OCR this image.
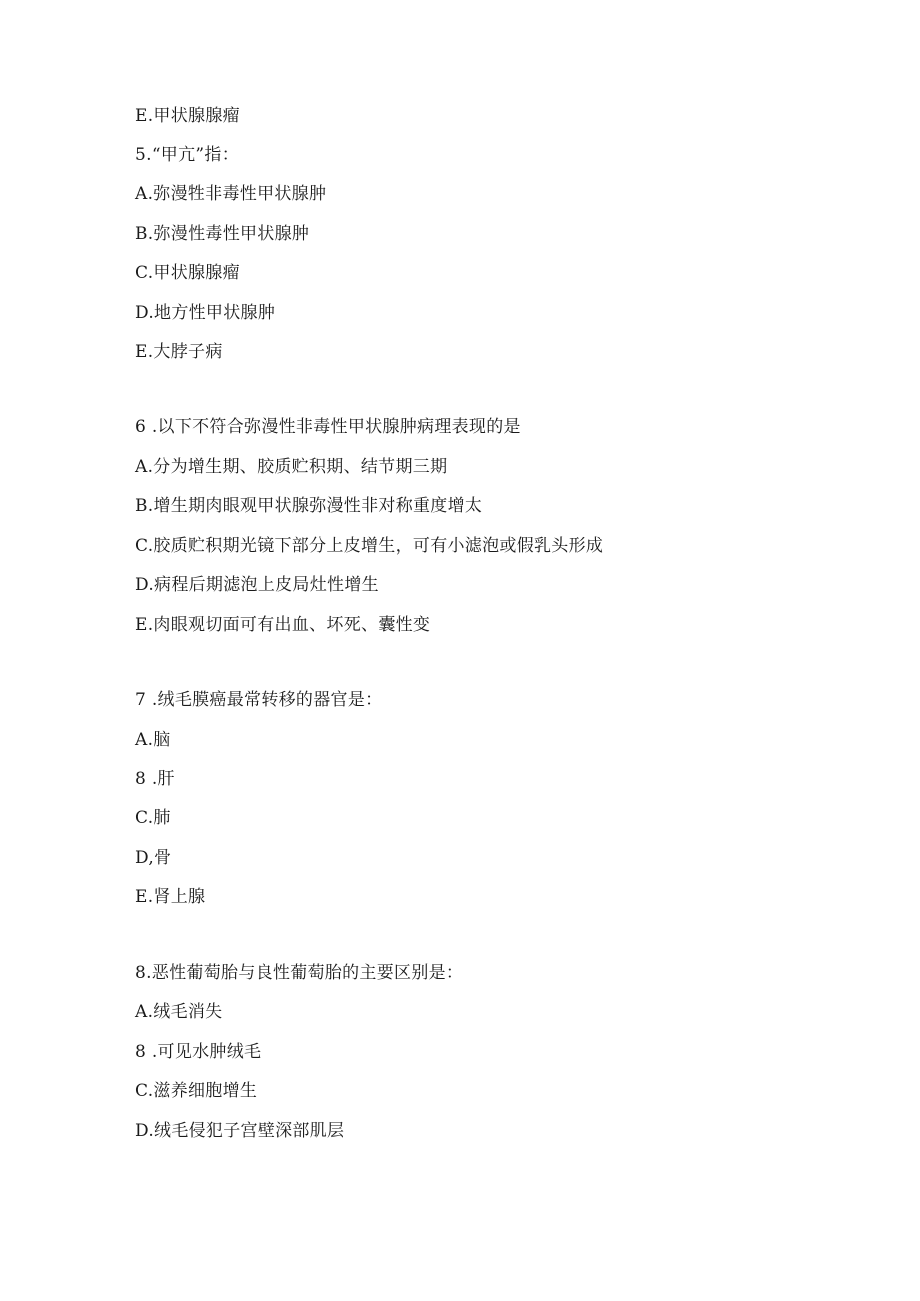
E.甲状腺腺瘤
5.“甲亢”指：
A.弥漫牲非毒性甲状腺肿
B.弥漫性毒性甲状腺肿
C.甲状腺腺瘤
D.地方性甲状腺肿
E.大脖子病
6 .以下不符合弥漫性非毒性甲状腺肿病理表现的是
A.分为增生期、胶质贮积期、结节期三期
B.增生期肉眼观甲状腺弥漫性非对称重度增太
C.胶质贮积期光镜下部分上皮增生，可有小滤泡或假乳头形成
D.病程后期滤泡上皮局灶性增生
E.肉眼观切面可有出血、坏死、囊性变
7 .绒毛膜癌最常转移的器官是：
A.脑
8 .肝
C.肺
D,骨
E.肾上腺
8.恶性葡萄胎与良性葡萄胎的主要区别是：
A.绒毛消失
8 .可见水肿绒毛
C.滋养细胞增生
D.绒毛侵犯子宫壁深部肌层
